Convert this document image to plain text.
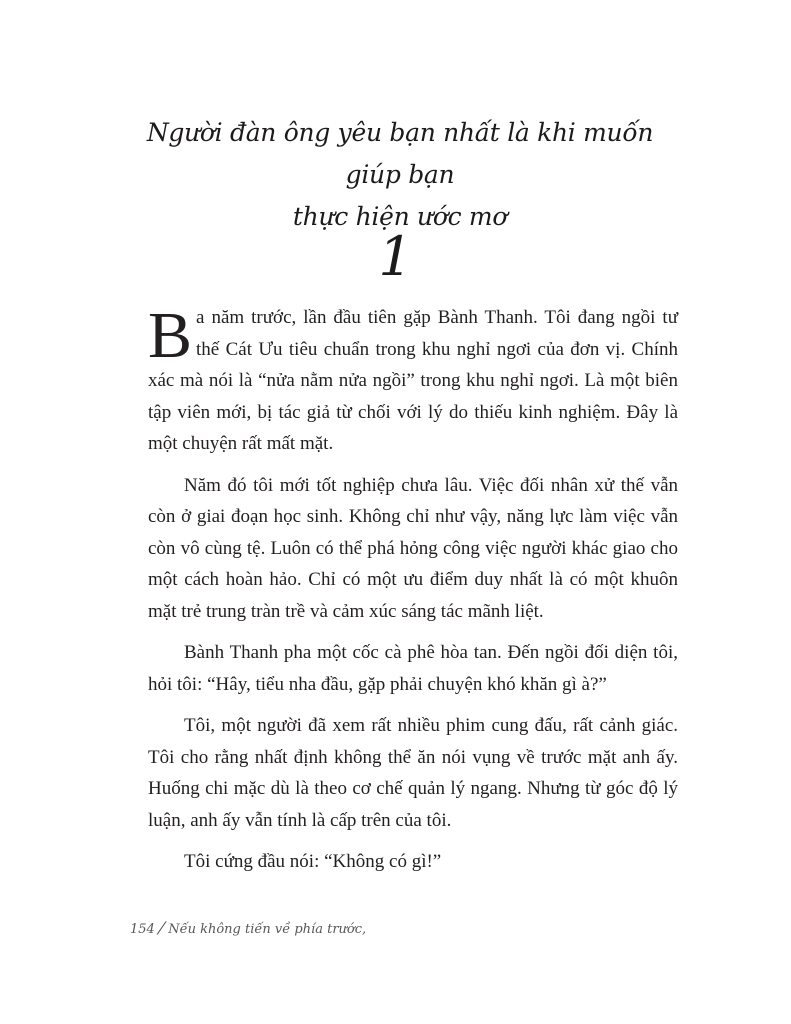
Người đàn ông yêu bạn nhất là khi muốn giúp bạn
thực hiện ước mơ
1

Ba năm trước, lần đầu tiên gặp Bành Thanh. Tôi đang ngồi tư thế Cát Ưu tiêu chuẩn trong khu nghỉ ngơi của đơn vị. Chính xác mà nói là “nửa nằm nửa ngồi” trong khu nghỉ ngơi. Là một biên tập viên mới, bị tác giả từ chối với lý do thiếu kinh nghiệm. Đây là một chuyện rất mất mặt.

Năm đó tôi mới tốt nghiệp chưa lâu. Việc đối nhân xử thế vẫn còn ở giai đoạn học sinh. Không chỉ như vậy, năng lực làm việc vẫn còn vô cùng tệ. Luôn có thể phá hỏng công việc người khác giao cho một cách hoàn hảo. Chỉ có một ưu điểm duy nhất là có một khuôn mặt trẻ trung tràn trề và cảm xúc sáng tác mãnh liệt.

Bành Thanh pha một cốc cà phê hòa tan. Đến ngồi đối diện tôi, hỏi tôi: “Hây, tiểu nha đầu, gặp phải chuyện khó khăn gì à?”

Tôi, một người đã xem rất nhiều phim cung đấu, rất cảnh giác. Tôi cho rằng nhất định không thể ăn nói vụng về trước mặt anh ấy. Huống chi mặc dù là theo cơ chế quản lý ngang. Nhưng từ góc độ lý luận, anh ấy vẫn tính là cấp trên của tôi.

Tôi cứng đầu nói: “Không có gì!”

154 / Nếu không tiến về phía trước,
